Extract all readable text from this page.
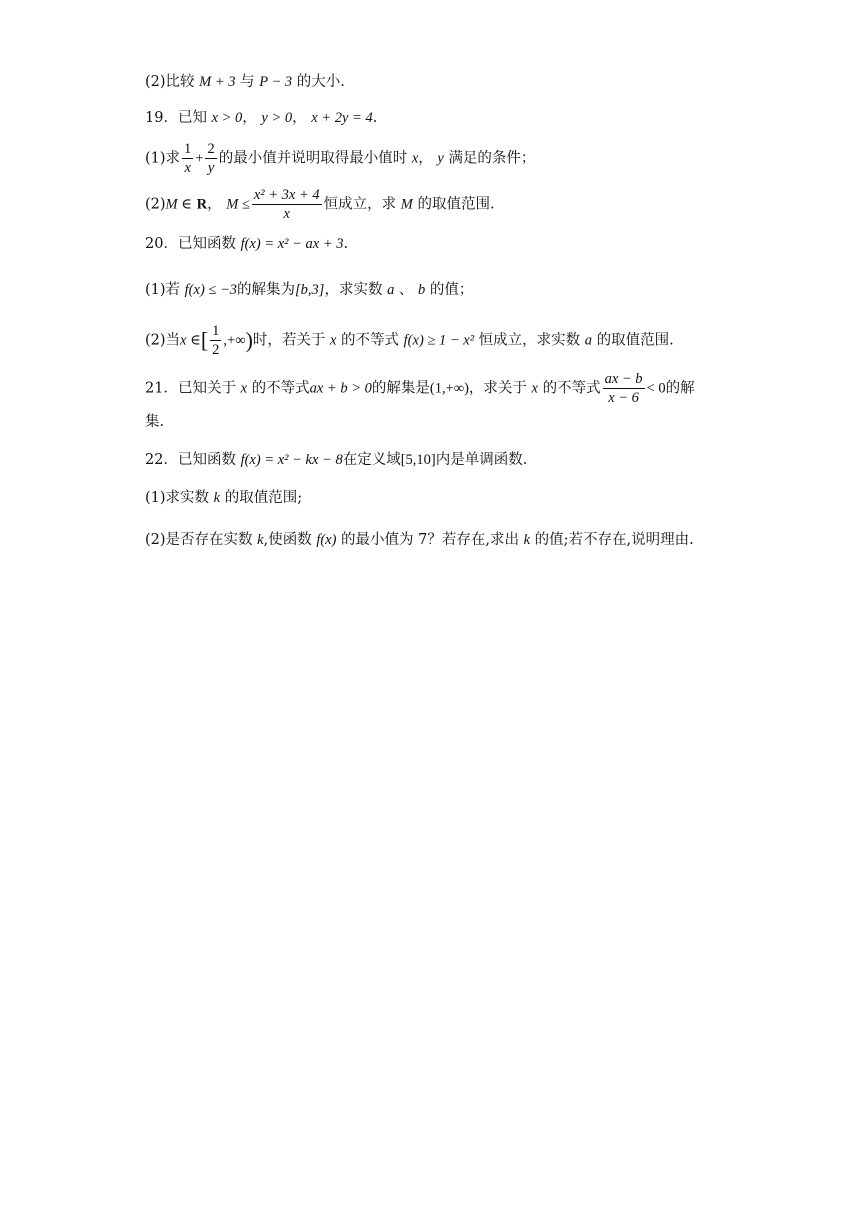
(2)比较 M + 3 与 P − 3 的大小.
19．已知 x > 0， y > 0， x + 2y = 4.
(1)求 $\frac{1}{x} + \frac{2}{y}$ 的最小值并说明取得最小值时 x， y 满足的条件；
(2)M ∈ R， $M \le \frac{\text{x² + 3x + 4}}{x}$ 恒成立，求 M 的取值范围.
20．已知函数 f(x) = x² − ax + 3.
(1)若 f(x) ≤ −3的解集为[b,3]，求实数 a 、 b 的值；
(2)当x ∈[ $\frac{1}{2}$ ,+∞)时，若关于 x 的不等式 f(x) ≥ 1 − x² 恒成立，求实数 a 的取值范围.
21．已知关于 x 的不等式ax + b > 0的解集是(1,+∞)，求关于 x 的不等式 $\frac{ax - b}{x - 6} < 0$的解
集.
22．已知函数 f(x) = x² − kx − 8在定义域[5,10]内是单调函数.
(1)求实数 k 的取值范围;
(2)是否存在实数 k,使函数 f(x) 的最小值为 7？若存在,求出 k 的值;若不存在,说明理由.
